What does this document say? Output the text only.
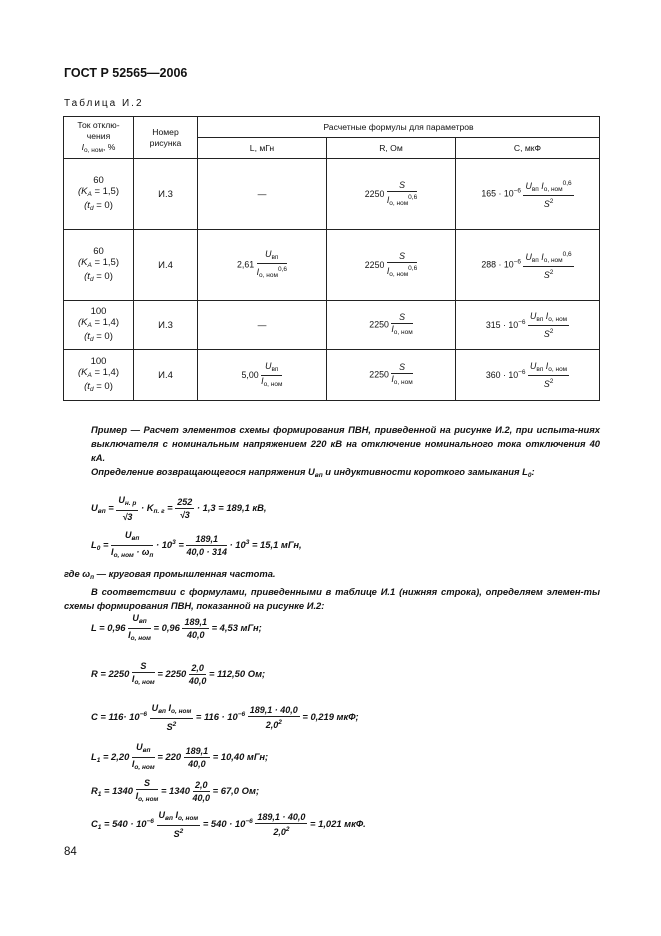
ГОСТ Р 52565—2006
Таблица И.2
Ток отклю-
чения
$I_{о, ном}$, %	Номер
рисунка	Расчетные формулы для параметров		
		L, мГн	R, Ом	C, мкФ
60
$(K_A = 1,5)$
$(t_d = 0)$	И.3	—	$2250 \frac{S}{I_{о, ном}^{0,6}}$	$165 \cdot 10^{-6} \frac{U_{вп} I_{о, ном}^{0,6}}{S^2}$

60
$(K_A = 1,5)$
$(t_d = 0)$	И.4	$2,61 \frac{U_{вп}}{I_{о, ном}^{0,6}}$	$2250 \frac{S}{I_{о, ном}^{0,6}}$	$288 \cdot 10^{-6} \frac{U_{вп} I_{о, ном}^{0,6}}{S^2}$

100
$(K_A = 1,4)$
$(t_d = 0)$	И.3	—	$2250 \frac{S}{I_{о, ном}}$	$315 \cdot 10^{-6} \frac{U_{вп} I_{о, ном}}{S^2}$

100
$(K_A = 1,4)$
$(t_d = 0)$	И.4	$5,00 \frac{U_{вп}}{I_{о, ном}}$	$2250 \frac{S}{I_{о, ном}}$	$360 \cdot 10^{-6} \frac{U_{вп} I_{о, ном}}{S^2}$
Пример — Расчет элементов схемы формирования ПВН, приведенной на рисунке И.2, при испыта-ниях выключателя с номинальным напряжением 220 кВ на отключение номинального тока отключения 40 кА.
Определение возвращающегося напряжения $U_{вп}$ и индуктивности короткого замыкания $L_0$:
$U_{вп} = \frac{U_{н. р}}{√3} \cdot K_{п. г} = \frac{252}{√3} \cdot 1,3 = 189,1$ кВ,
$L_0 = \frac{U_{вп}}{I_{о, ном} \cdot \omega_п} \cdot 10^3 = \frac{189,1}{40,0 \cdot 314} \cdot 10^3 = 15,1$ мГн,
где $\omega_п$ — круговая промышленная частота.
В соответствии с формулами, приведенными в таблице И.1 (нижняя строка), определяем элемен-ты схемы формирования ПВН, показанной на рисунке И.2:
$L = 0,96 \frac{U_{вп}}{I_{о, ном}} = 0,96 \frac{189,1}{40,0} = 4,53$ мГн;
$R = 2250 \frac{S}{I_{о, ном}} = 2250 \frac{2,0}{40,0} = 112,50$ Ом;
$C = 116\cdot 10^{-6} \frac{U_{вп} I_{о, ном}}{S^2} = 116 \cdot 10^{-6} \frac{189,1 \cdot 40,0}{2,0^2} = 0,219$ мкФ;
$L_1 = 2,20 \frac{U_{вп}}{I_{о, ном}} = 220 \frac{189,1}{40,0} = 10,40$ мГн;
$R_1 = 1340 \frac{S}{I_{о, ном}} = 1340 \frac{2,0}{40,0} = 67,0$ Ом;
$C_1 = 540 \cdot 10^{-6} \frac{U_{вп} I_{о, ном}}{S^2} = 540 \cdot 10^{-6} \frac{189,1 \cdot 40,0}{2,0^2} = 1,021$ мкФ.
84
